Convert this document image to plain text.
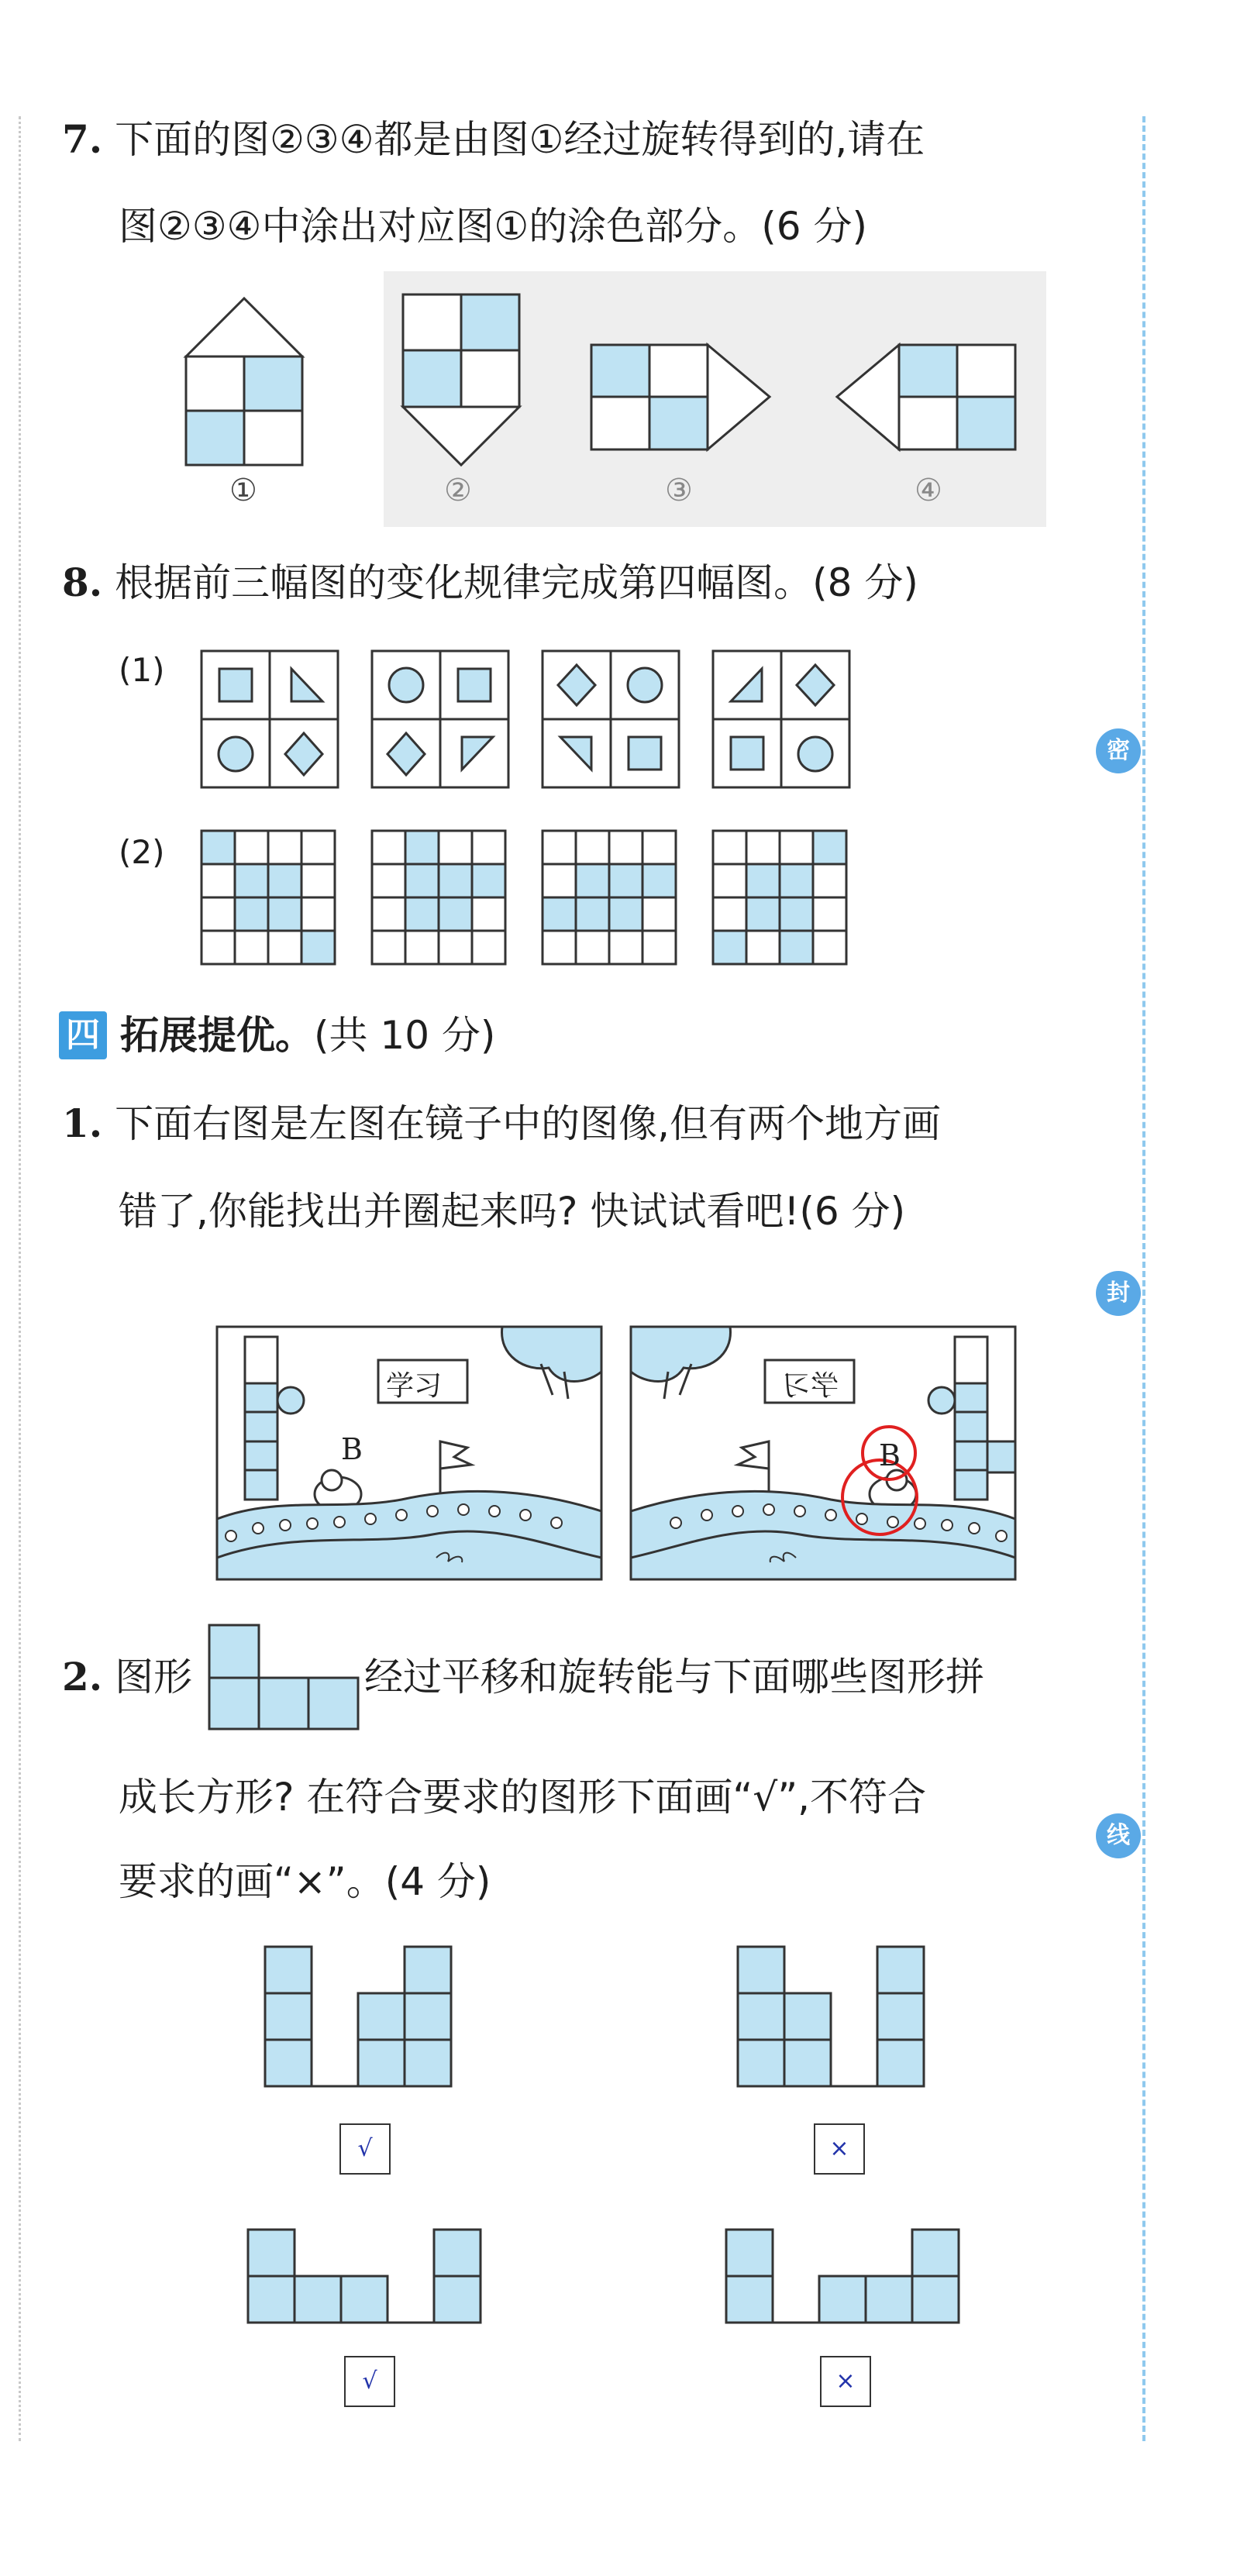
密
封
线
7. 下面的图②③④都是由图①经过旋转得到的,请在
图②③④中涂出对应图①的涂色部分。(6 分)
①	②	③	④
8. 根据前三幅图的变化规律完成第四幅图。(8 分)
(1)
(2)
四 拓展提优。(共 10 分)
1. 下面右图是左图在镜子中的图像,但有两个地方画
错了,你能找出并圈起来吗? 快试试看吧!(6 分)
学习
B
学习
B
2. 图形	经过平移和旋转能与下面哪些图形拼
成长方形? 在符合要求的图形下面画“√”,不符合
要求的画“×”。(4 分)
√	×
√	×
